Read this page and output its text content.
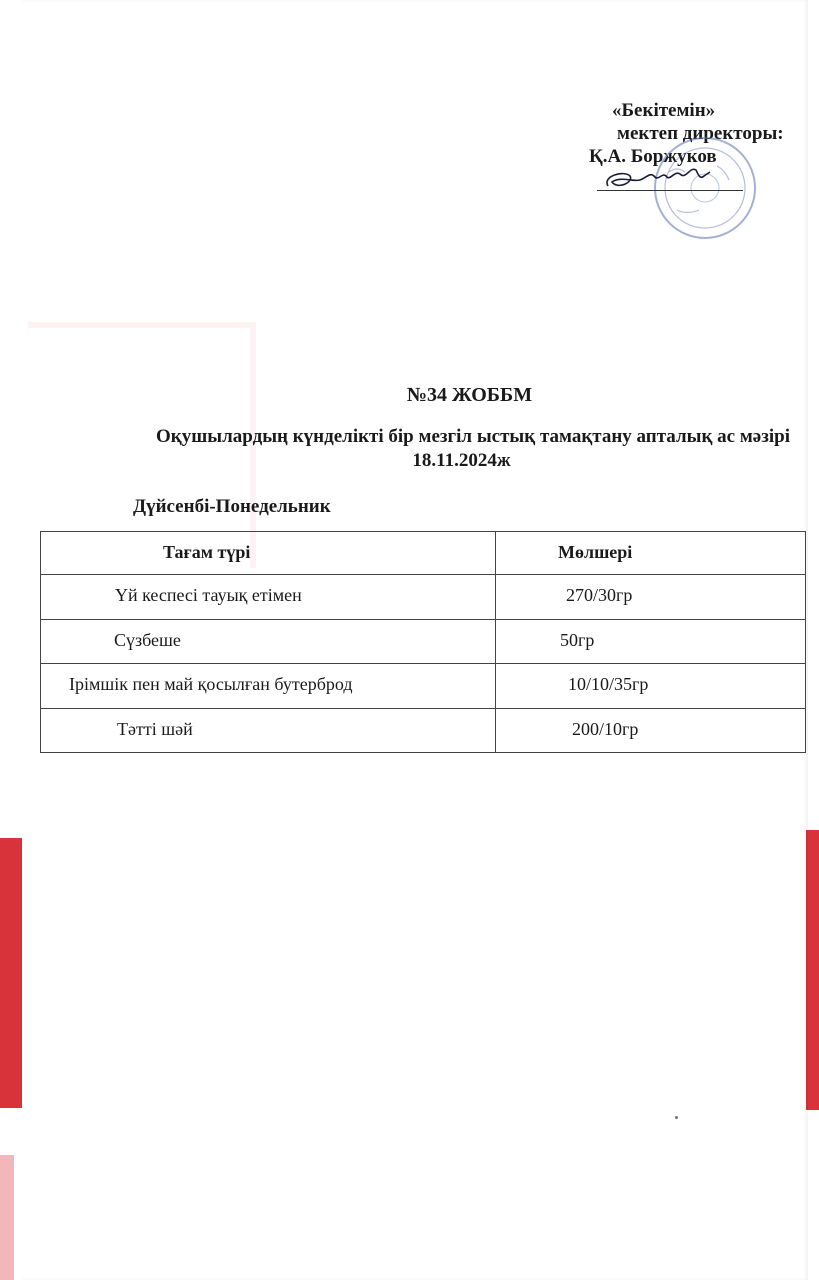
«Бекітемін»
мектеп директоры:
Қ.А. Боржуков
№34 ЖОББМ
Оқушылардың күнделікті бір мезгіл ыстық тамақтану апталық ас мәзірі
18.11.2024ж
Дүйсенбі-Понедельник
Тағам түрі	Мөлшері

Үй кеспесі тауық етімен	270/30гр

Сүзбеше	50гр

Ірімшік пен май қосылған бутерброд	10/10/35гр

Тәтті шәй	200/10гр
